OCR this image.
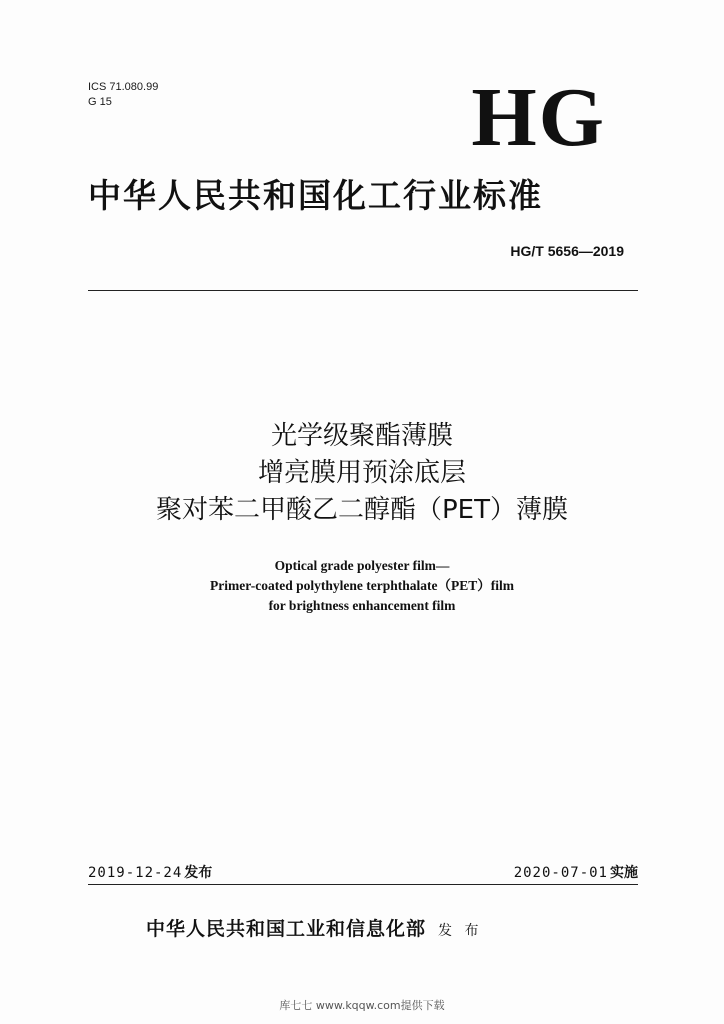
ICS 71.080.99
G 15	HG
中华人民共和国化工行业标准
HG/T 5656—2019
光学级聚酯薄膜
增亮膜用预涂底层
聚对苯二甲酸乙二醇酯（PET）薄膜
Optical grade polyester film—
Primer-coated polythylene terphthalate（PET）film
for brightness enhancement film
2019-12-24 发布	2020-07-01 实施
中华人民共和国工业和信息化部 发 布
库七七 www.kqqw.com提供下载
